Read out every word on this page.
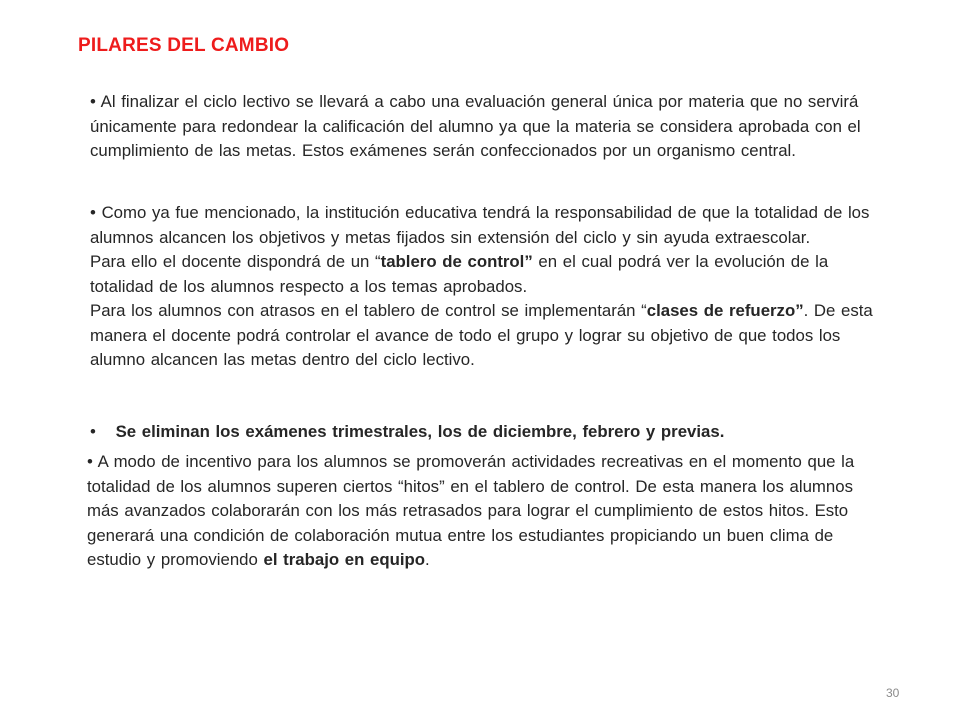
PILARES DEL CAMBIO

• Al finalizar el ciclo lectivo se llevará a cabo una evaluación general única por materia que no servirá únicamente para redondear la calificación del alumno ya que la materia se considera aprobada con el cumplimiento de las metas. Estos exámenes serán confeccionados por un organismo central.

• Como ya fue mencionado, la institución educativa tendrá la responsabilidad de que la totalidad de los alumnos alcancen los objetivos y metas fijados sin extensión del ciclo y sin ayuda extraescolar.

Para ello el docente dispondrá de un “tablero de control” en el cual podrá ver la evolución de la totalidad de los alumnos respecto a los temas aprobados.

Para los alumnos con atrasos en el tablero de control se implementarán “clases de refuerzo”. De esta manera el docente podrá controlar el avance de todo el grupo y lograr su objetivo de que todos los alumno alcancen las metas dentro del ciclo lectivo.

• Se eliminan los exámenes trimestrales, los de diciembre, febrero y previas.

• A modo de incentivo para los alumnos se promoverán actividades recreativas en el momento que la totalidad de los alumnos superen ciertos “hitos” en el tablero de control. De esta manera los alumnos más avanzados colaborarán con los más retrasados para lograr el cumplimiento de estos hitos. Esto generará una condición de colaboración mutua entre los estudiantes propiciando un buen clima de estudio y promoviendo el trabajo en equipo.

30
